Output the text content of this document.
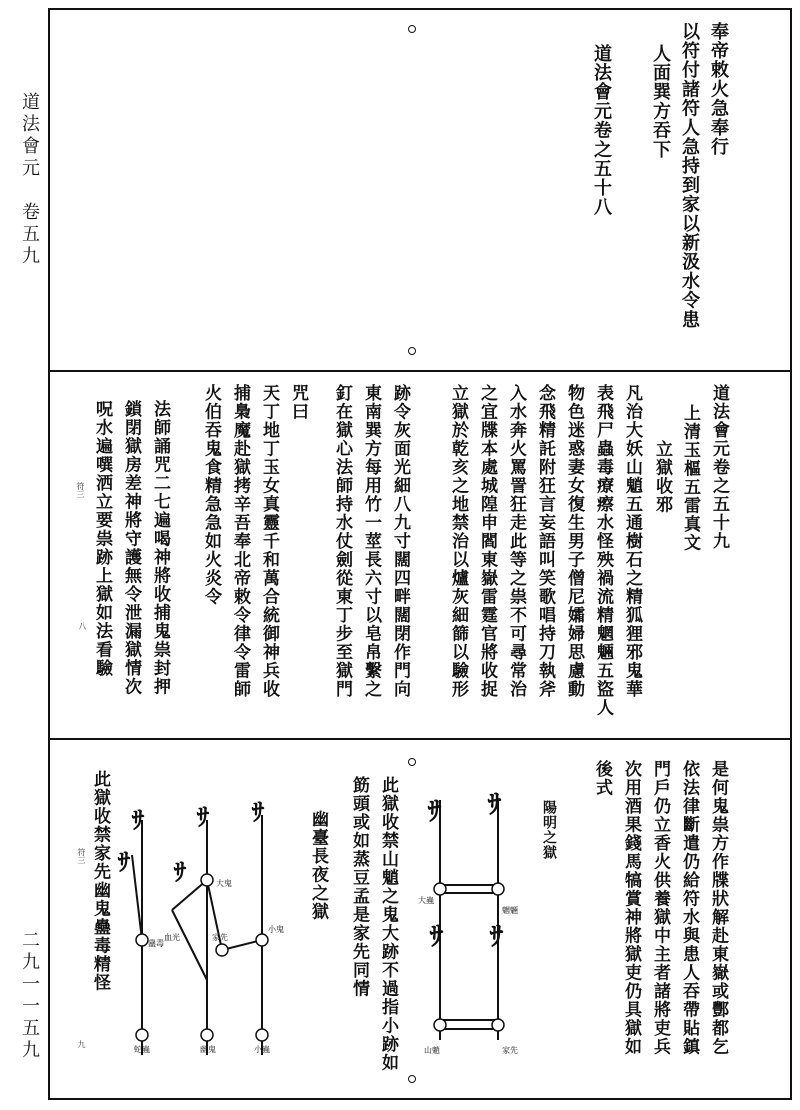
道法會元　卷五九
二九一一五九
奉帝敕火急奉行
以符付諸符人急持到家以新汲水令患
人面巽方吞下
道法會元卷之五十八
道法會元卷之五十九
上清玉樞五雷真文
立獄收邪
凡治大妖山魈五通樹石之精狐狸邪鬼華
表飛尸蟲毒療瘵水怪殃禍流精魍魎五盜人
物色迷惑妻女復生男子僧尼孀婦思慮動
念飛精託附狂言妄語叫笑歌唱持刀執斧
入水奔火罵詈狂走此等之祟不可尋常治
之宜牒本處城隍申閻東嶽雷霆官將收捉
立獄於乾亥之地禁治以爐灰細篩以驗形
跡令灰面光細八九寸闊四畔闊閉作門向
東南巽方每用竹一莖長六寸以皂帛繫之
釘在獄心法師持水仗劍從東丁步至獄門
咒曰
天丁地丁玉女真靈千和萬合統御神兵收
捕梟魔赴獄拷辛吾奉北帝敕令律令雷師
火伯吞鬼食精急急如火炎令
法師誦咒二七遍喝神將收捕鬼祟封押
鎖閉獄房差神將守護無令泄漏獄情次
呪水遍噀洒立要祟跡上獄如法看驗
符三
八
是何鬼祟方作牒狀解赴東嶽或酆都乞
依法律斷遣仍給符水與患人吞帶貼鎮
門戶仍立香火供養獄中主者諸將吏兵
次用酒果錢馬犒賞神將獄吏仍具獄如
後式
陽明之獄
此獄收禁山魈之鬼大跡不過指小跡如
筯頭或如蒸豆孟是家先同情
幽臺長夜之獄
此獄收禁家先幽鬼蠱毒精怪
符三
九
ｻ ｻ
ｻ ｻ
魍魎
家先
山魈
大蟲
ｻ ｻ ｻ
ｻ ｻ	大鬼
家先
小鬼
幽鬼
蠱毒
蛇蟲
血光
小蟲
